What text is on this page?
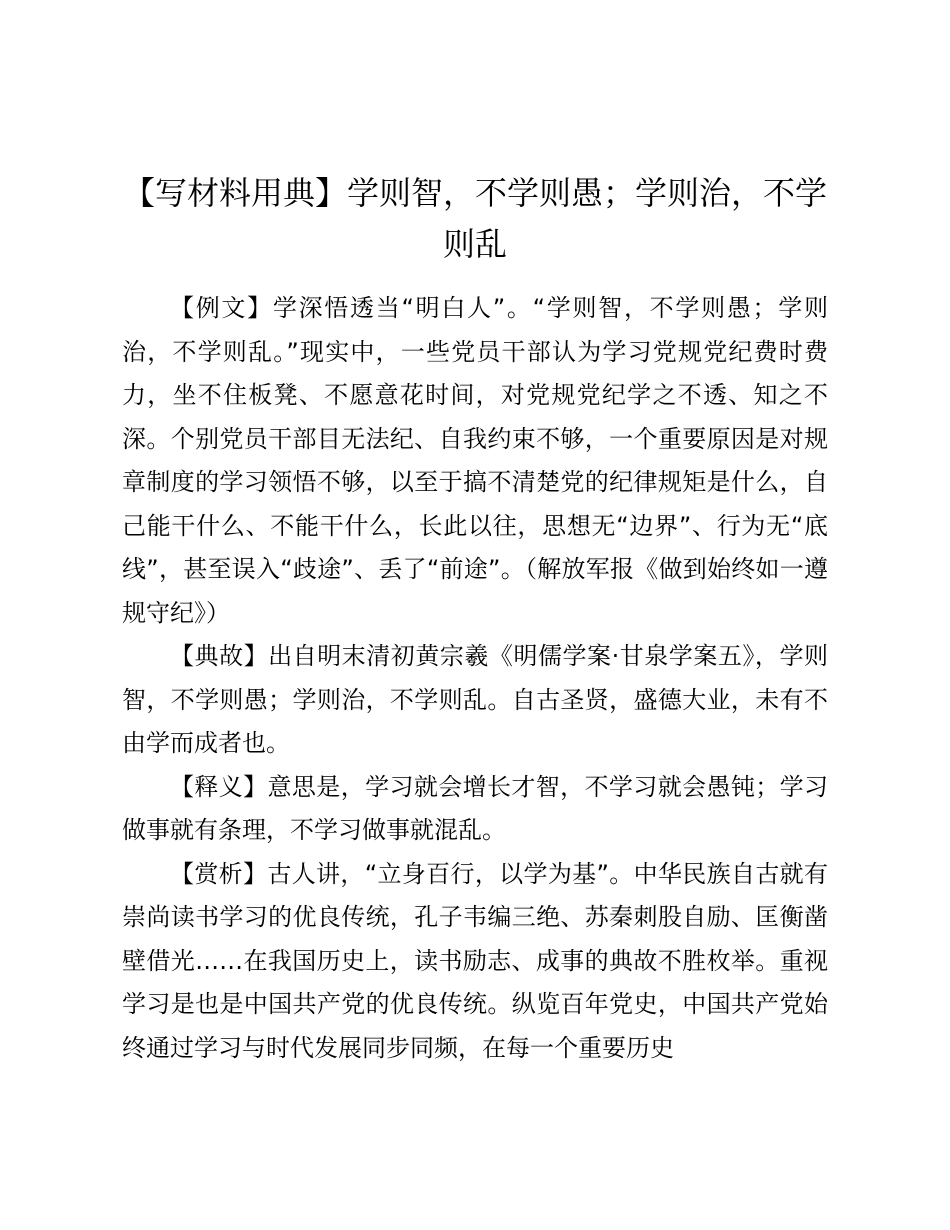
【写材料用典】学则智，不学则愚；学则治，不学则乱

【例文】学深悟透当“明白人”。“学则智，不学则愚；学则治，不学则乱。”现实中，一些党员干部认为学习党规党纪费时费力，坐不住板凳、不愿意花时间，对党规党纪学之不透、知之不深。个别党员干部目无法纪、自我约束不够，一个重要原因是对规章制度的学习领悟不够，以至于搞不清楚党的纪律规矩是什么，自己能干什么、不能干什么，长此以往，思想无“边界”、行为无“底线”，甚至误入“歧途”、丢了“前途”。（解放军报《做到始终如一遵规守纪》）

【典故】出自明末清初黄宗羲《明儒学案·甘泉学案五》，学则智，不学则愚；学则治，不学则乱。自古圣贤，盛德大业，未有不由学而成者也。

【释义】意思是，学习就会增长才智，不学习就会愚钝；学习做事就有条理，不学习做事就混乱。

【赏析】古人讲，“立身百行，以学为基”。中华民族自古就有崇尚读书学习的优良传统，孔子韦编三绝、苏秦刺股自励、匡衡凿壁借光……在我国历史上，读书励志、成事的典故不胜枚举。重视学习是也是中国共产党的优良传统。纵览百年党史，中国共产党始终通过学习与时代发展同步同频，在每一个重要历史
